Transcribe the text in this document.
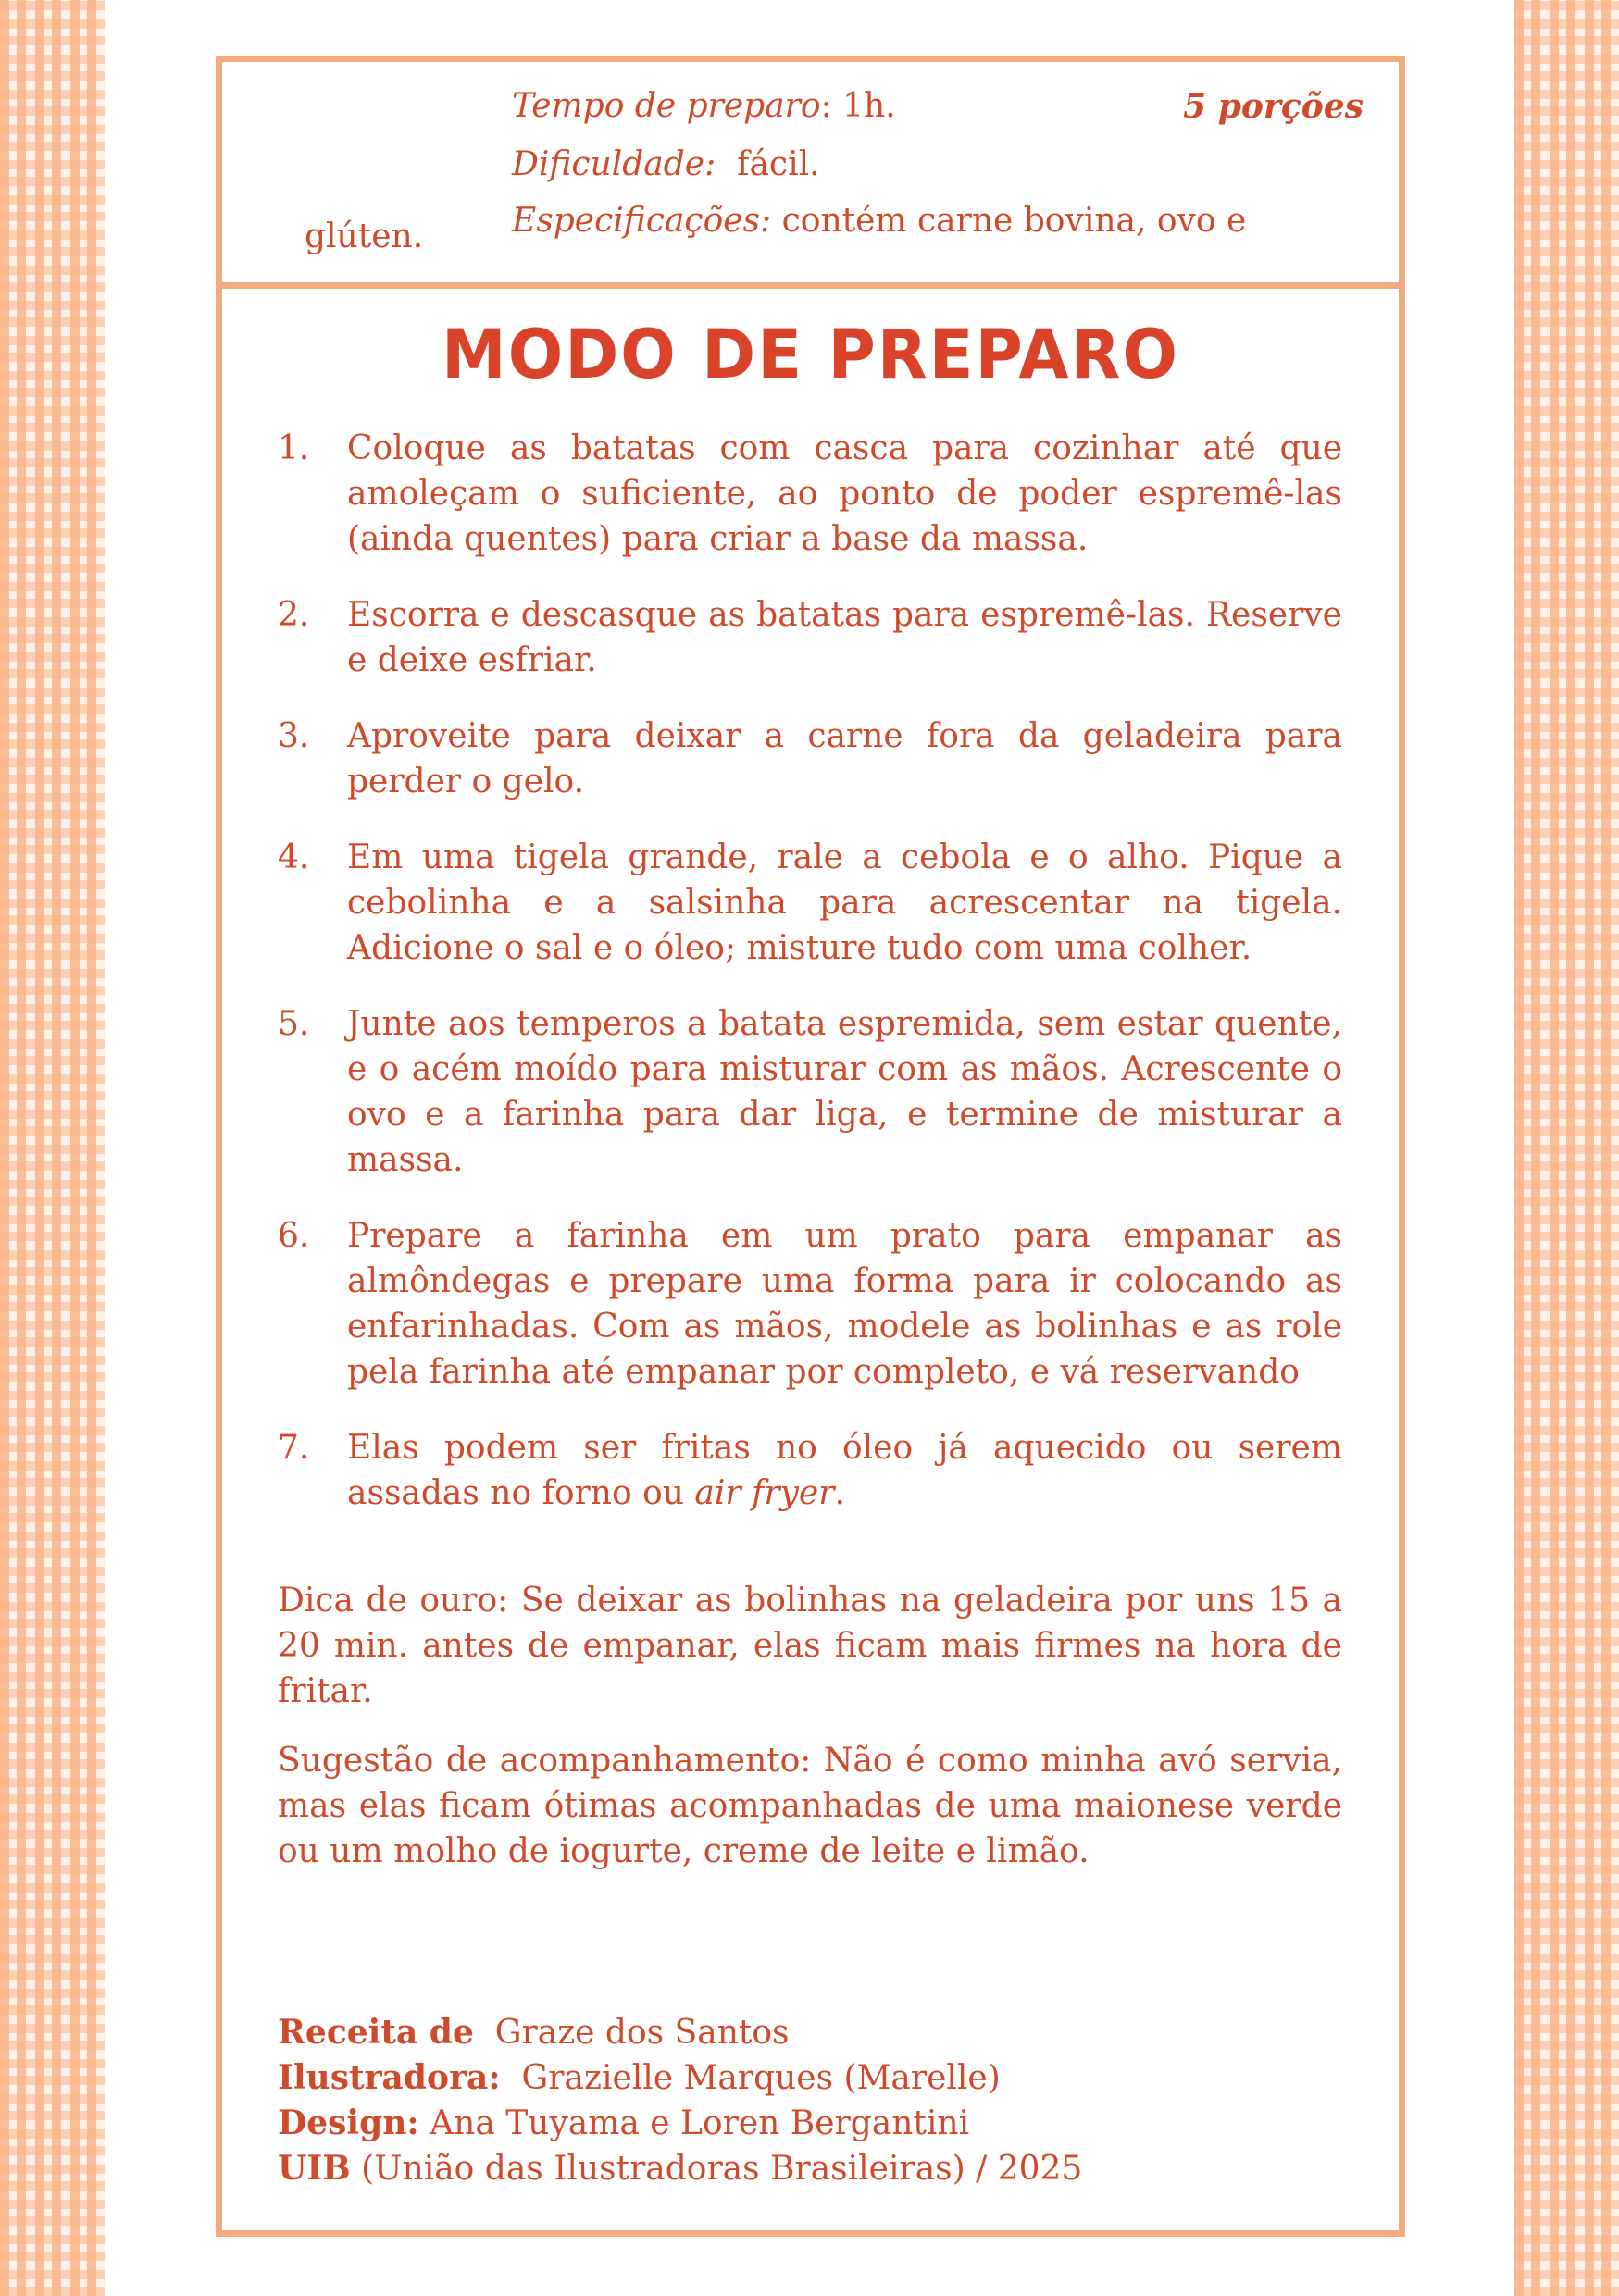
Tempo de preparo: 1h.	5 porções
Dificuldade: fácil.
Especificações: contém carne bovina, ovo e
glúten.
MODO DE PREPARO
1.	Coloque as batatas com casca para cozinhar até que amoleçam o suficiente, ao ponto de poder espremê-las (ainda quentes) para criar a base da massa.
2.	Escorra e descasque as batatas para espremê-las. Reserve e deixe esfriar.
3.	Aproveite para deixar a carne fora da geladeira para perder o gelo.
4.	Em uma tigela grande, rale a cebola e o alho. Pique a cebolinha e a salsinha para acrescentar na tigela. Adicione o sal e o óleo; misture tudo com uma colher.
5.	Junte aos temperos a batata espremida, sem estar quente, e o acém moído para misturar com as mãos. Acrescente o ovo e a farinha para dar liga, e termine de misturar a massa.
6.	Prepare a farinha em um prato para empanar as almôndegas e prepare uma forma para ir colocando as enfarinhadas. Com as mãos, modele as bolinhas e as role pela farinha até empanar por completo, e vá reservando
7.	Elas podem ser fritas no óleo já aquecido ou serem assadas no forno ou air fryer.

Dica de ouro: Se deixar as bolinhas na geladeira por uns 15 a 20 min. antes de empanar, elas ficam mais firmes na hora de fritar.

Sugestão de acompanhamento: Não é como minha avó servia, mas elas ficam ótimas acompanhadas de uma maionese verde ou um molho de iogurte, creme de leite e limão.

Receita de Graze dos Santos
Ilustradora: Grazielle Marques (Marelle)
Design: Ana Tuyama e Loren Bergantini
UIB (União das Ilustradoras Brasileiras) / 2025
